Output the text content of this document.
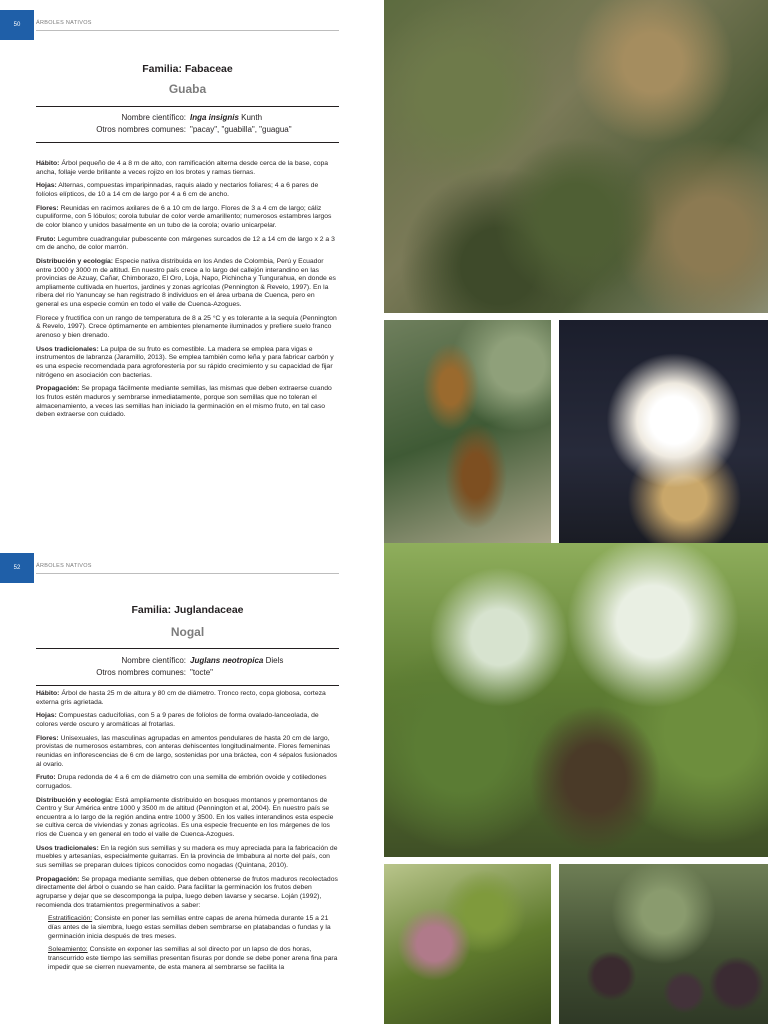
50	ÁRBOLES NATIVOS
Familia: Fabaceae
Guaba
Nombre científico: Inga insignis Kunth
Otros nombres comunes: "pacay", "guabilla", "guagua"

Hábito: Árbol pequeño de 4 a 8 m de alto, con ramificación alterna desde cerca de la base, copa ancha, follaje verde brillante a veces rojizo en los brotes y ramas tiernas.

Hojas: Alternas, compuestas imparipinnadas, raquis alado y nectarios foliares; 4 a 6 pares de folíolos elípticos, de 10 a 14 cm de largo por 4 a 6 cm de ancho.

Flores: Reunidas en racimos axilares de 6 a 10 cm de largo. Flores de 3 a 4 cm de largo; cáliz cupuliforme, con 5 lóbulos; corola tubular de color verde amarillento; numerosos estambres largos de color blanco y unidos basalmente en un tubo de la corola; ovario unicarpelar.

Fruto: Legumbre cuadrangular pubescente con márgenes surcados de 12 a 14 cm de largo x 2 a 3 cm de ancho, de color marrón.

Distribución y ecología: Especie nativa distribuida en los Andes de Colombia, Perú y Ecuador entre 1000 y 3000 m de altitud. En nuestro país crece a lo largo del callejón interandino en las provincias de Azuay, Cañar, Chimborazo, El Oro, Loja, Napo, Pichincha y Tungurahua, en donde es ampliamente cultivada en huertos, jardines y zonas agrícolas (Pennington & Revelo, 1997). En la ribera del río Yanuncay se han registrado 8 individuos en el área urbana de Cuenca, pero en general es una especie común en todo el valle de Cuenca-Azogues.

Florece y fructifica con un rango de temperatura de 8 a 25 °C y es tolerante a la sequía (Pennington & Revelo, 1997). Crece óptimamente en ambientes plenamente iluminados y prefiere suelo franco arenoso y bien drenado.

Usos tradicionales: La pulpa de su fruto es comestible. La madera se emplea para vigas e instrumentos de labranza (Jaramillo, 2013). Se emplea también como leña y para fabricar carbón y es una especie recomendada para agroforestería por su rápido crecimiento y su capacidad de fijar nitrógeno en asociación con bacterias.

Propagación: Se propaga fácilmente mediante semillas, las mismas que deben extraerse cuando los frutos estén maduros y sembrarse inmediatamente, porque son semillas que no toleran el almacenamiento, a veces las semillas han iniciado la germinación en el mismo fruto, en tal caso deben extraerse con cuidado.

52	ÁRBOLES NATIVOS
Familia: Juglandaceae
Nogal
Nombre científico: Juglans neotropica Diels
Otros nombres comunes: "tocte"

Hábito: Árbol de hasta 25 m de altura y 80 cm de diámetro. Tronco recto, copa globosa, corteza externa gris agrietada.

Hojas: Compuestas caducifolias, con 5 a 9 pares de folíolos de forma ovalado-lanceolada, de colores verde oscuro y aromáticas al frotarlas.

Flores: Unisexuales, las masculinas agrupadas en amentos pendulares de hasta 20 cm de largo, provistas de numerosos estambres, con anteras dehiscentes longitudinalmente. Flores femeninas reunidas en inflorescencias de 6 cm de largo, sostenidas por una bráctea, con 4 sépalos fusionados al ovario.

Fruto: Drupa redonda de 4 a 6 cm de diámetro con una semilla de embrión ovoide y cotiledones corrugados.

Distribución y ecología: Está ampliamente distribuido en bosques montanos y premontanos de Centro y Sur América entre 1000 y 3500 m de altitud (Pennington et al, 2004). En nuestro país se encuentra a lo largo de la región andina entre 1000 y 3500. En los valles interandinos esta especie se cultiva cerca de viviendas y zonas agrícolas. Es una especie frecuente en los márgenes de los ríos de Cuenca y en general en todo el valle de Cuenca-Azogues.

Usos tradicionales: En la región sus semillas y su madera es muy apreciada para la fabricación de muebles y artesanías, especialmente guitarras. En la provincia de Imbabura al norte del país, con sus semillas se preparan dulces típicos conocidos como nogadas (Quintana, 2010).

Propagación: Se propaga mediante semillas, que deben obtenerse de frutos maduros recolectados directamente del árbol o cuando se han caído. Para facilitar la germinación los frutos deben agruparse y dejar que se descomponga la pulpa, luego deben lavarse y secarse. Loján (1992), recomienda dos tratamientos pregerminativos a saber:

Estratificación: Consiste en poner las semillas entre capas de arena húmeda durante 15 a 21 días antes de la siembra, luego estas semillas deben sembrarse en platabandas o fundas y la germinación inicia después de tres meses.

Soleamiento: Consiste en exponer las semillas al sol directo por un lapso de dos horas, transcurrido este tiempo las semillas presentan fisuras por donde se debe poner arena fina para impedir que se cierren nuevamente, de esta manera al sembrarse se facilita la
